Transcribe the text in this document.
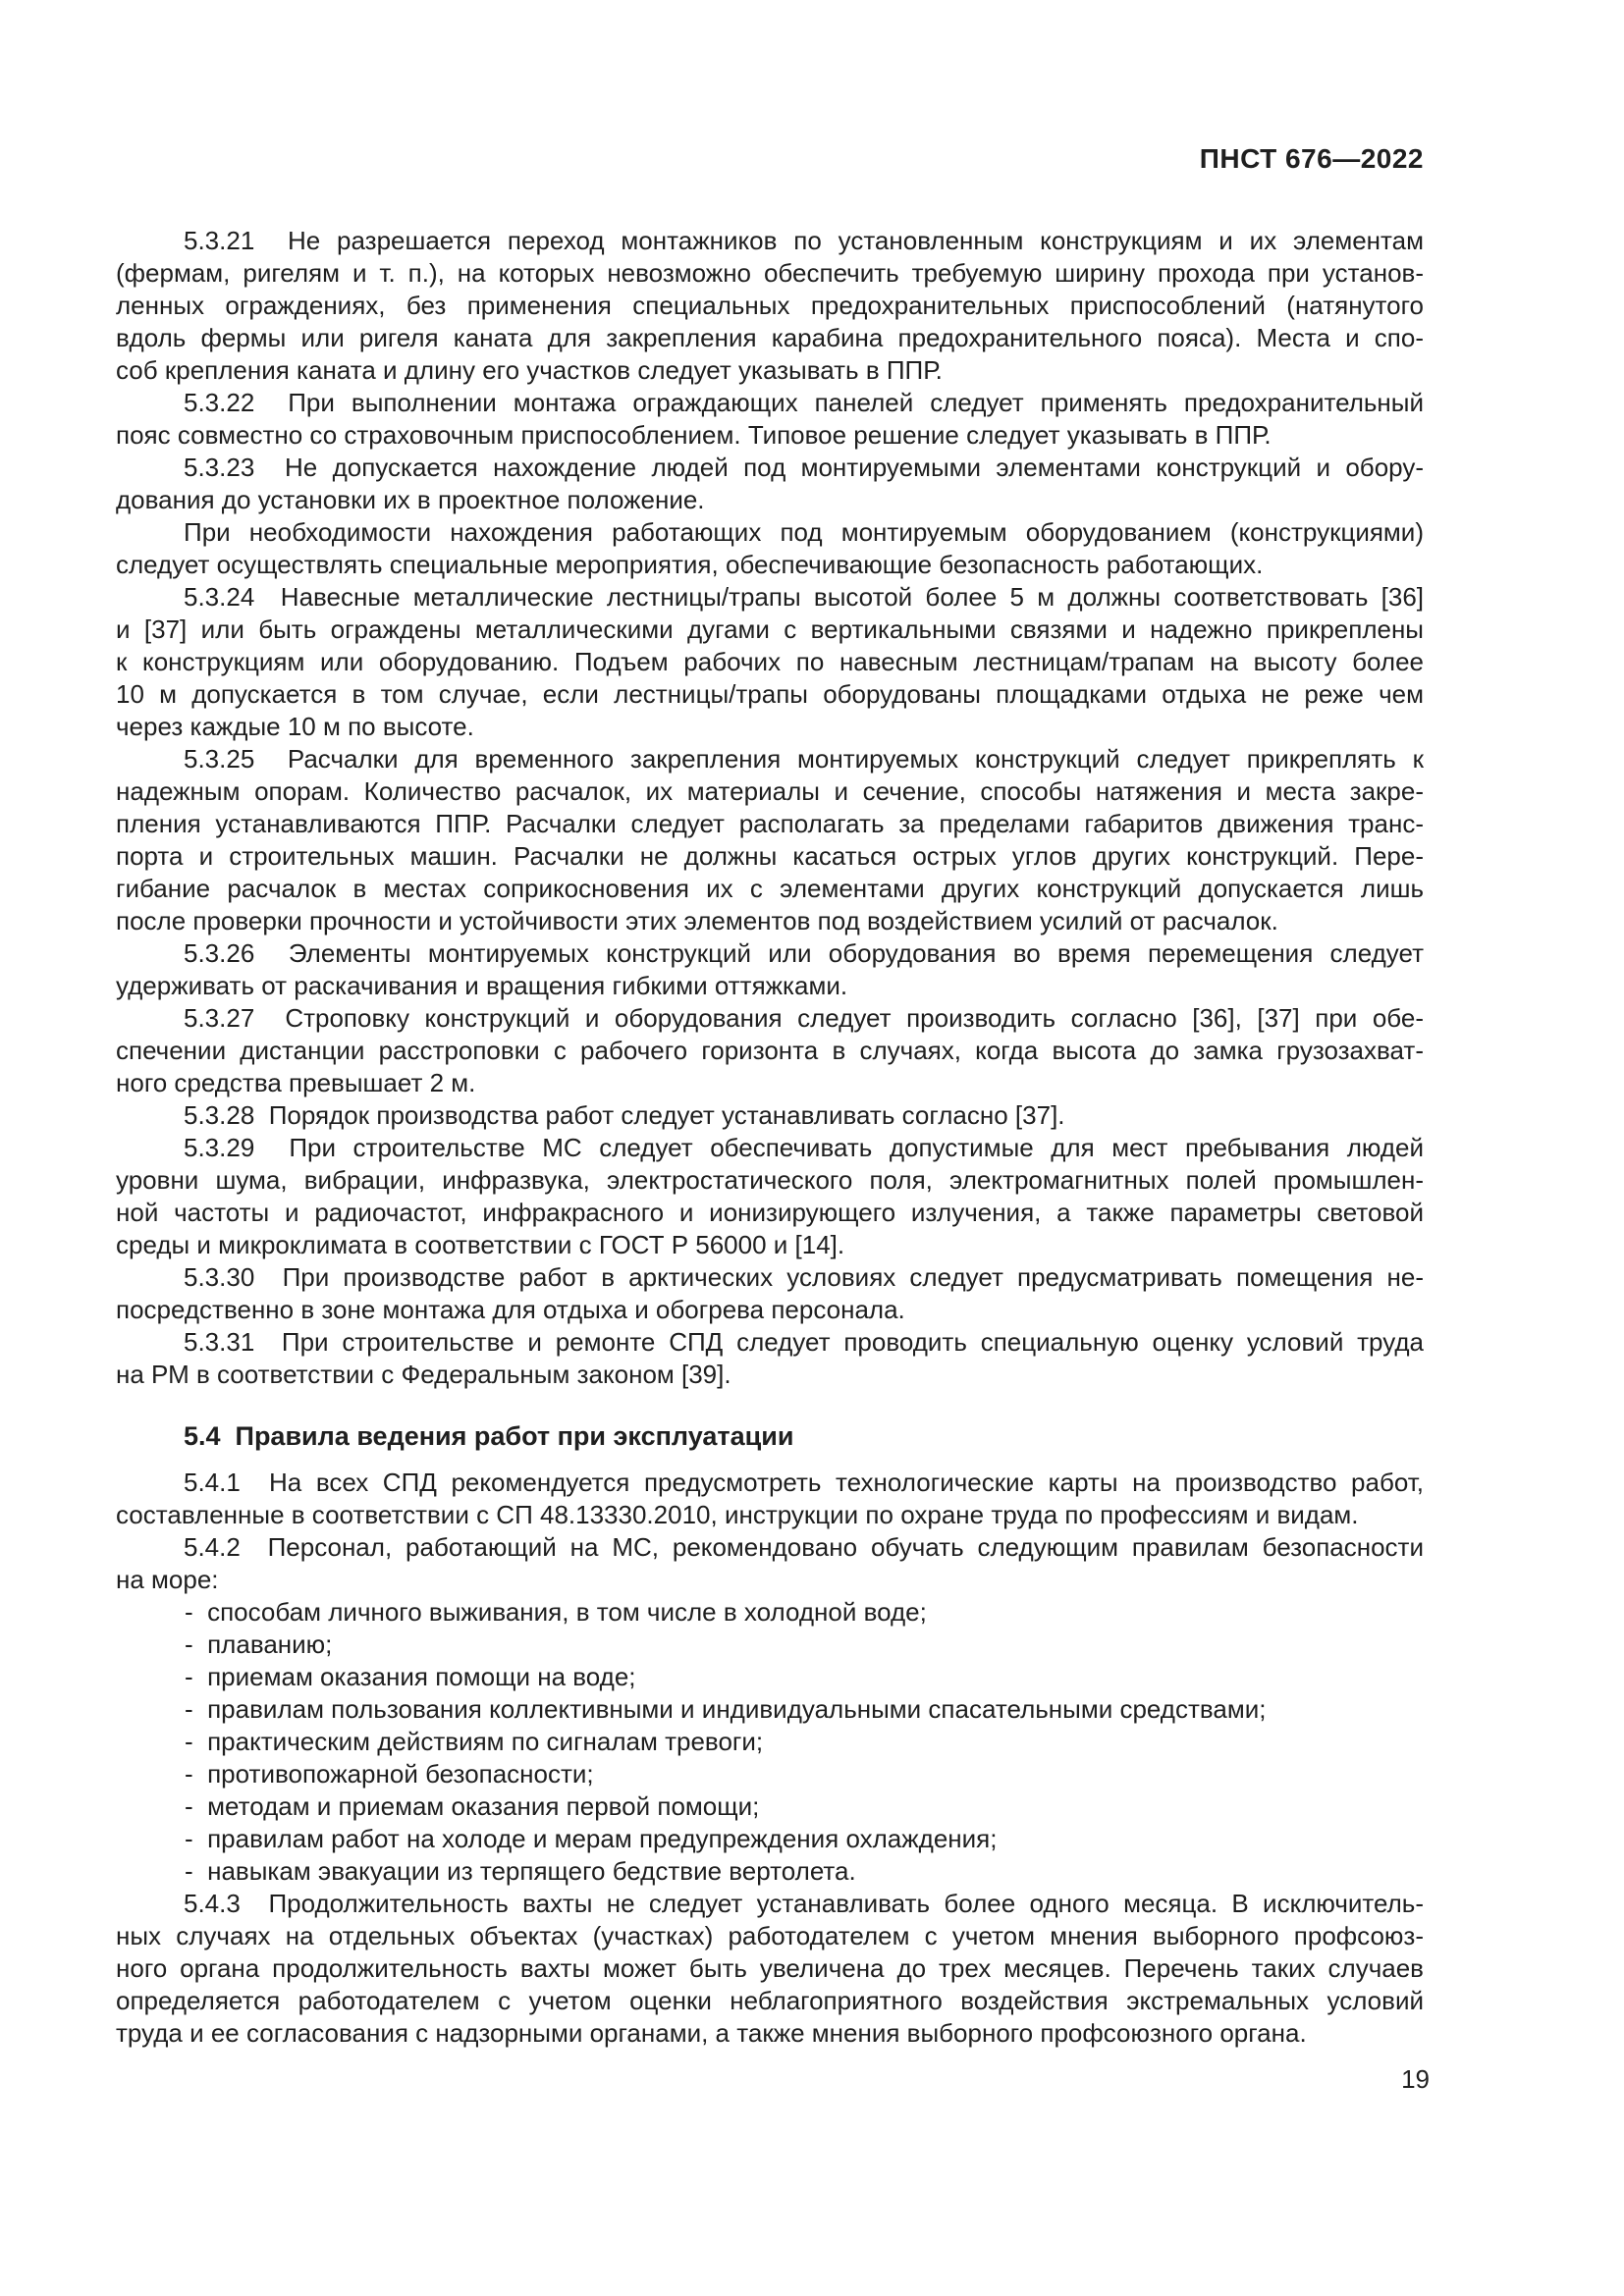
ПНСТ 676—2022

5.3.21  Не разрешается переход монтажников по установленным конструкциям и их элементам
(фермам, ригелям и т. п.), на которых невозможно обеспечить требуемую ширину прохода при установ-
ленных ограждениях, без применения специальных предохранительных приспособлений (натянутого
вдоль фермы или ригеля каната для закрепления карабина предохранительного пояса). Места и спо-
соб крепления каната и длину его участков следует указывать в ППР.

5.3.22  При выполнении монтажа ограждающих панелей следует применять предохранительный
пояс совместно со страховочным приспособлением. Типовое решение следует указывать в ППР.

5.3.23  Не допускается нахождение людей под монтируемыми элементами конструкций и обору-
дования до установки их в проектное положение.

При необходимости нахождения работающих под монтируемым оборудованием (конструкциями)
следует осуществлять специальные мероприятия, обеспечивающие безопасность работающих.

5.3.24  Навесные металлические лестницы/трапы высотой более 5 м должны соответствовать [36]
и [37] или быть ограждены металлическими дугами с вертикальными связями и надежно прикреплены
к конструкциям или оборудованию. Подъем рабочих по навесным лестницам/трапам на высоту более
10 м допускается в том случае, если лестницы/трапы оборудованы площадками отдыха не реже чем
через каждые 10 м по высоте.

5.3.25  Расчалки для временного закрепления монтируемых конструкций следует прикреплять к
надежным опорам. Количество расчалок, их материалы и сечение, способы натяжения и места закре-
пления устанавливаются ППР. Расчалки следует располагать за пределами габаритов движения транс-
порта и строительных машин. Расчалки не должны касаться острых углов других конструкций. Пере-
гибание расчалок в местах соприкосновения их с элементами других конструкций допускается лишь
после проверки прочности и устойчивости этих элементов под воздействием усилий от расчалок.

5.3.26  Элементы монтируемых конструкций или оборудования во время перемещения следует
удерживать от раскачивания и вращения гибкими оттяжками.

5.3.27  Строповку конструкций и оборудования следует производить согласно [36], [37] при обе-
спечении дистанции расстроповки с рабочего горизонта в случаях, когда высота до замка грузозахват-
ного средства превышает 2 м.

5.3.28  Порядок производства работ следует устанавливать согласно [37].

5.3.29  При строительстве МС следует обеспечивать допустимые для мест пребывания людей
уровни шума, вибрации, инфразвука, электростатического поля, электромагнитных полей промышлен-
ной частоты и радиочастот, инфракрасного и ионизирующего излучения, а также параметры световой
среды и микроклимата в соответствии с ГОСТ Р 56000 и [14].

5.3.30  При производстве работ в арктических условиях следует предусматривать помещения не-
посредственно в зоне монтажа для отдыха и обогрева персонала.

5.3.31  При строительстве и ремонте СПД следует проводить специальную оценку условий труда
на РМ в соответствии с Федеральным законом [39].

5.4  Правила ведения работ при эксплуатации

5.4.1  На всех СПД рекомендуется предусмотреть технологические карты на производство работ,
составленные в соответствии с СП 48.13330.2010, инструкции по охране труда по профессиям и видам.

5.4.2  Персонал, работающий на МС, рекомендовано обучать следующим правилам безопасности
на море:

-  способам личного выживания, в том числе в холодной воде;
-  плаванию;
-  приемам оказания помощи на воде;
-  правилам пользования коллективными и индивидуальными спасательными средствами;
-  практическим действиям по сигналам тревоги;
-  противопожарной безопасности;
-  методам и приемам оказания первой помощи;
-  правилам работ на холоде и мерам предупреждения охлаждения;
-  навыкам эвакуации из терпящего бедствие вертолета.

5.4.3  Продолжительность вахты не следует устанавливать более одного месяца. В исключитель-
ных случаях на отдельных объектах (участках) работодателем с учетом мнения выборного профсоюз-
ного органа продолжительность вахты может быть увеличена до трех месяцев. Перечень таких случаев
определяется работодателем с учетом оценки неблагоприятного воздействия экстремальных условий
труда и ее согласования с надзорными органами, а также мнения выборного профсоюзного органа.

19
